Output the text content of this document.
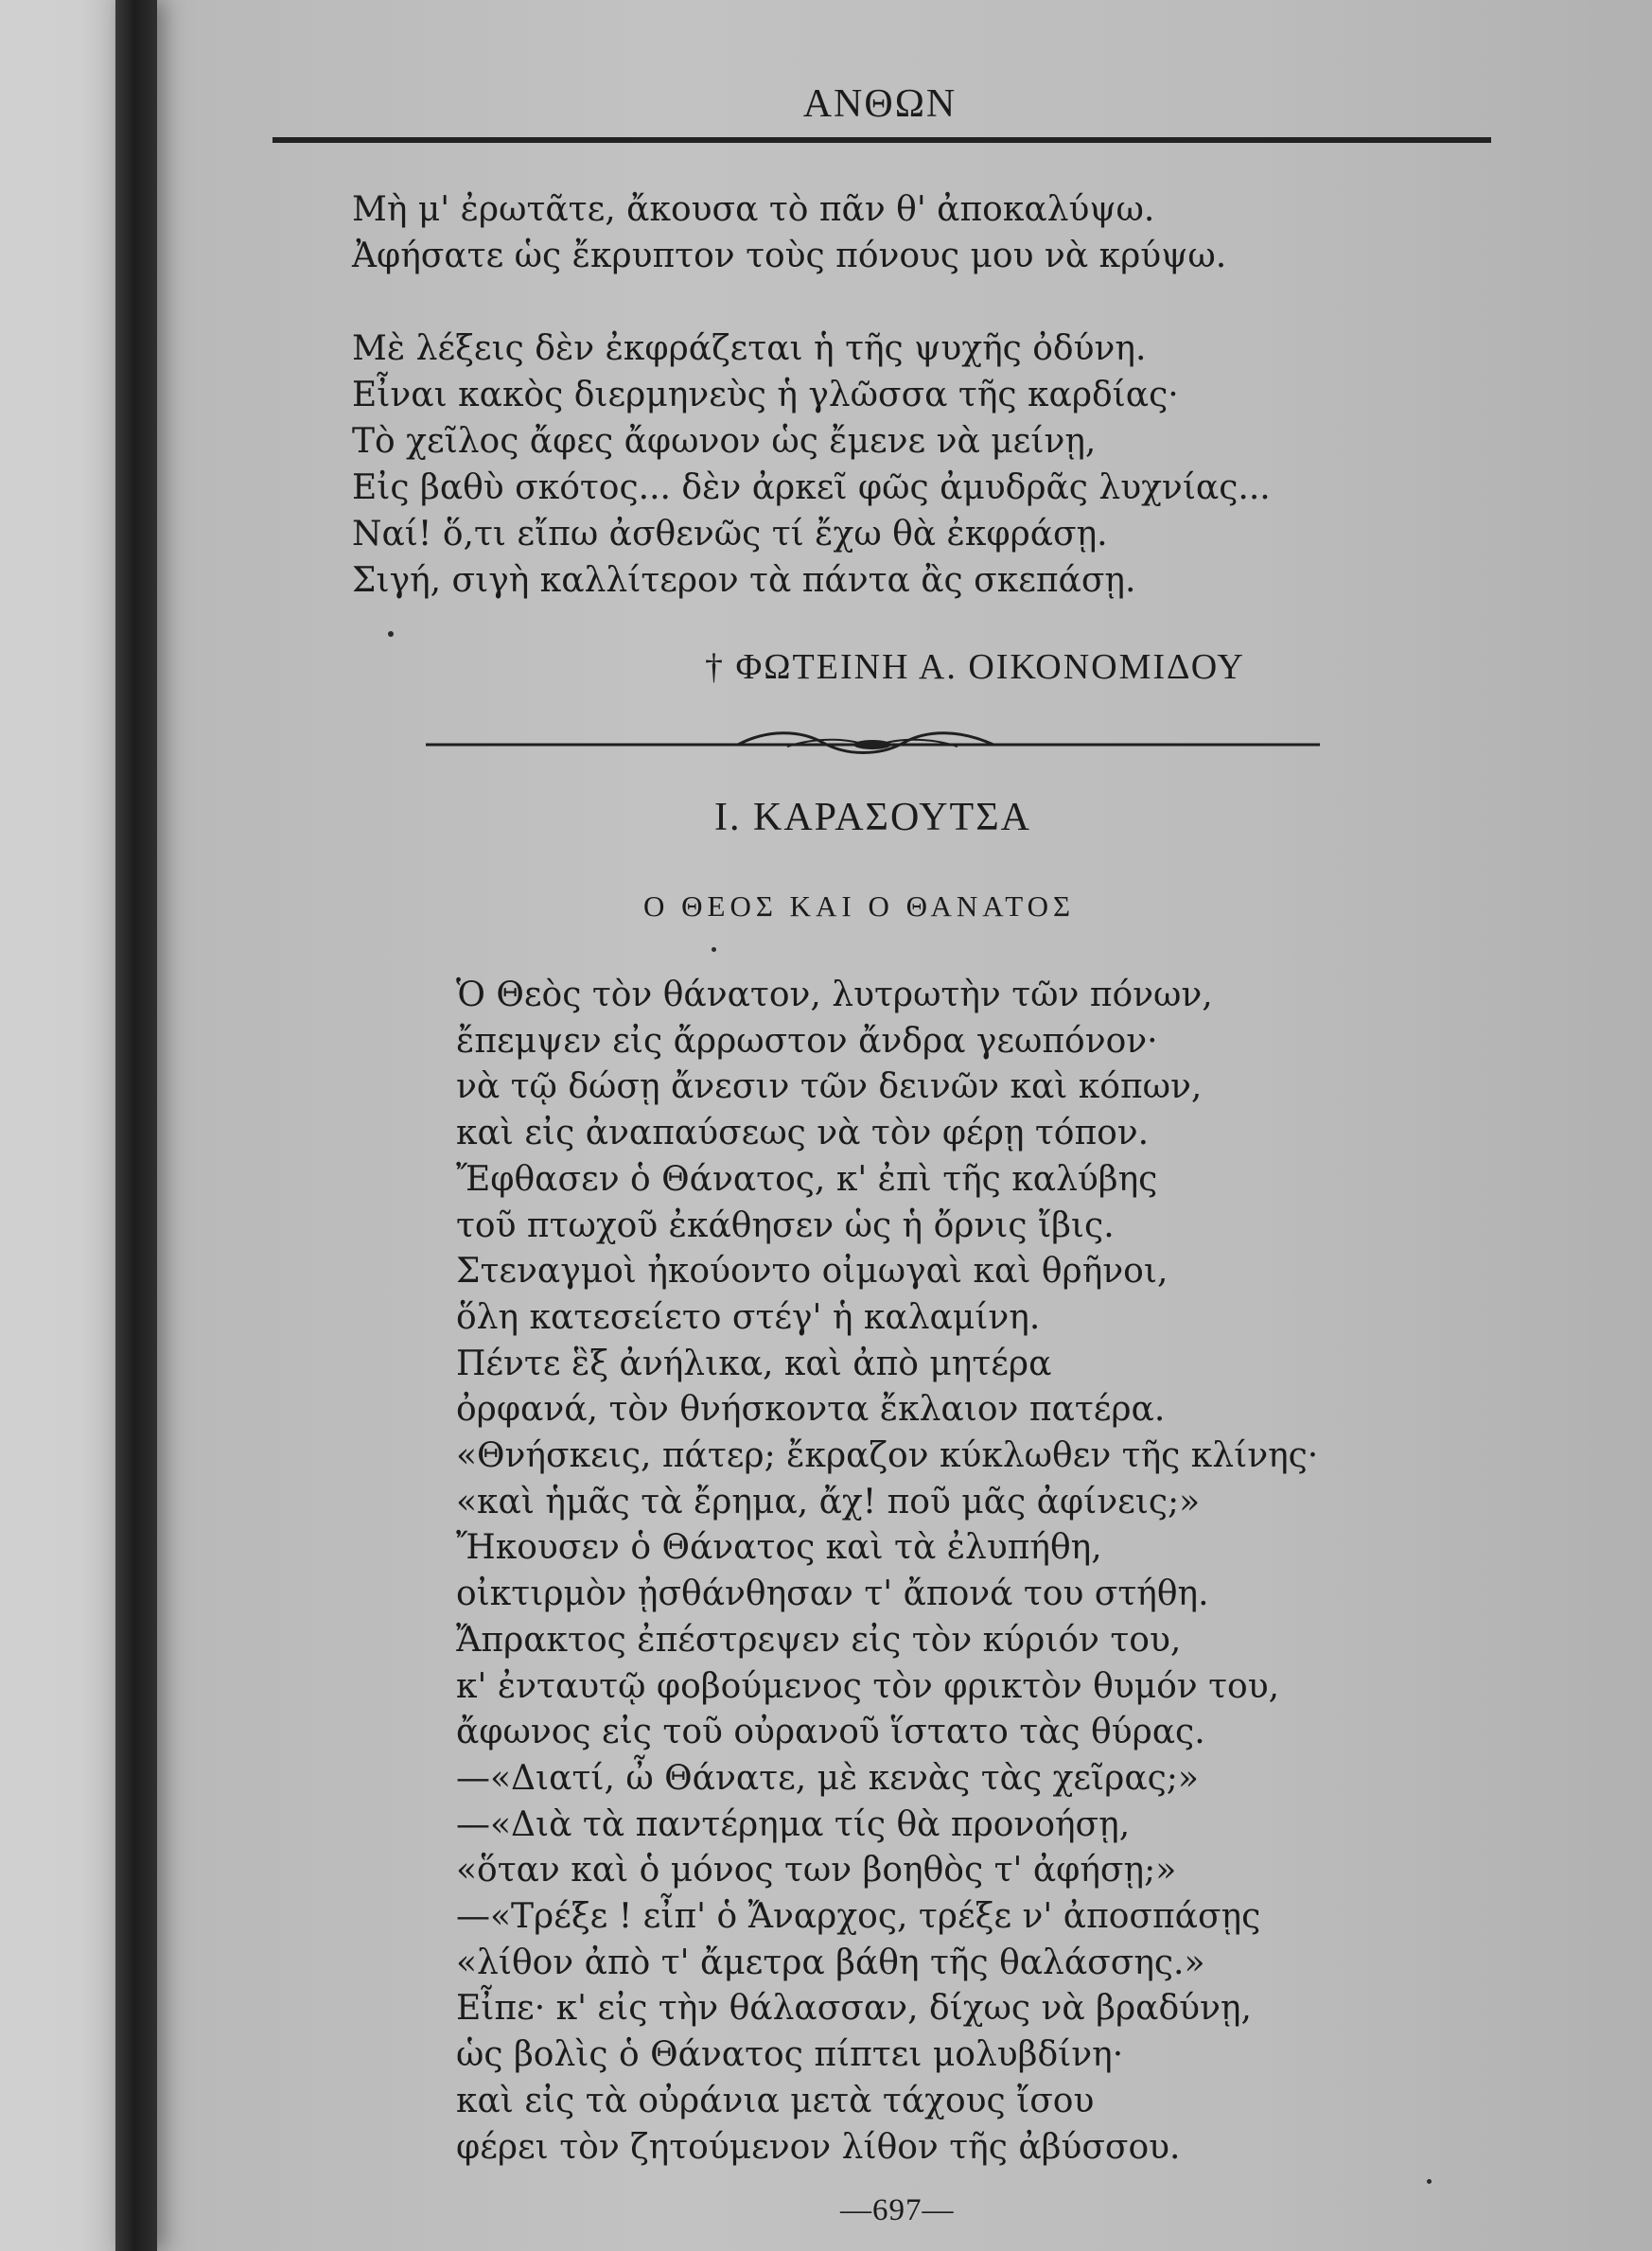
ΑΝΘΩΝ
Μὴ μ' ἐρωτᾶτε, ἄκουσα τὸ πᾶν θ' ἀποκαλύψω.
Ἀφήσατε ὡς ἔκρυπτον τοὺς πόνους μου νὰ κρύψω.
Μὲ λέξεις δὲν ἐκφράζεται ἡ τῆς ψυχῆς ὀδύνη.
Εἶναι κακὸς διερμηνεὺς ἡ γλῶσσα τῆς καρδίας·
Τὸ χεῖλος ἄφες ἄφωνον ὡς ἔμενε νὰ μείνῃ,
Εἰς βαθὺ σκότος... δὲν ἀρκεῖ φῶς ἀμυδρᾶς λυχνίας...
Ναί! ὅ,τι εἴπω ἀσθενῶς τί ἔχω θὰ ἐκφράσῃ.
Σιγή, σιγὴ καλλίτερον τὰ πάντα ἂς σκεπάσῃ.
† ΦΩΤΕΙΝΗ Α. ΟΙΚΟΝΟΜΙΔΟΥ
Ι. ΚΑΡΑΣΟΥΤΣΑ
Ο ΘΕΟΣ ΚΑΙ Ο ΘΑΝΑΤΟΣ
Ὁ Θεὸς τὸν θάνατον, λυτρωτὴν τῶν πόνων,
ἔπεμψεν εἰς ἄρρωστον ἄνδρα γεωπόνον·
νὰ τῷ δώσῃ ἄνεσιν τῶν δεινῶν καὶ κόπων,
καὶ εἰς ἀναπαύσεως νὰ τὸν φέρῃ τόπον.
Ἔφθασεν ὁ Θάνατος, κ' ἐπὶ τῆς καλύβης
τοῦ πτωχοῦ ἐκάθησεν ὡς ἡ ὄρνις ἴβις.
Στεναγμοὶ ἠκούοντο οἰμωγαὶ καὶ θρῆνοι,
ὅλη κατεσείετο στέγ' ἡ καλαμίνη.
Πέντε ἓξ ἀνήλικα, καὶ ἀπὸ μητέρα
ὀρφανά, τὸν θνήσκοντα ἔκλαιον πατέρα.
«Θνήσκεις, πάτερ; ἔκραζον κύκλωθεν τῆς κλίνης·
«καὶ ἡμᾶς τὰ ἔρημα, ἄχ! ποῦ μᾶς ἀφίνεις;»
Ἤκουσεν ὁ Θάνατος καὶ τὰ ἐλυπήθη,
οἰκτιρμὸν ᾐσθάνθησαν τ' ἄπονά του στήθη.
Ἄπρακτος ἐπέστρεψεν εἰς τὸν κύριόν του,
κ' ἐνταυτῷ φοβούμενος τὸν φρικτὸν θυμόν του,
ἄφωνος εἰς τοῦ οὐρανοῦ ἵστατο τὰς θύρας.
—«Διατί, ὦ Θάνατε, μὲ κενὰς τὰς χεῖρας;»
—«Διὰ τὰ παντέρημα τίς θὰ προνοήσῃ,
«ὅταν καὶ ὁ μόνος των βοηθὸς τ' ἀφήσῃ;»
—«Τρέξε ! εἶπ' ὁ Ἄναρχος, τρέξε ν' ἀποσπάσῃς
«λίθον ἀπὸ τ' ἄμετρα βάθη τῆς θαλάσσης.»
Εἶπε· κ' εἰς τὴν θάλασσαν, δίχως νὰ βραδύνῃ,
ὡς βολὶς ὁ Θάνατος πίπτει μολυβδίνη·
καὶ εἰς τὰ οὐράνια μετὰ τάχους ἴσου
φέρει τὸν ζητούμενον λίθον τῆς ἀβύσσου.
—697—
